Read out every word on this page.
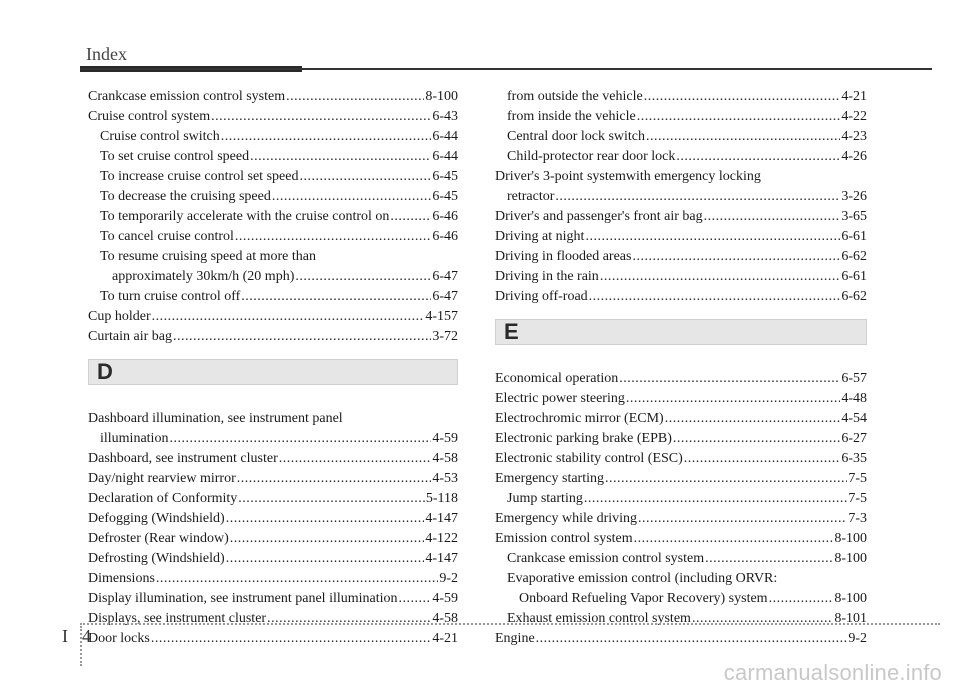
Index
Crankcase emission control system .....	8-100
Cruise control system .....	6-43
Cruise control switch .....	6-44
To set cruise control speed .....	6-44
To increase cruise control set speed .....	6-45
To decrease the cruising speed .....	6-45
To temporarily accelerate with the cruise control on .....	6-46
To cancel cruise control .....	6-46
To resume cruising speed at more than
approximately 30km/h (20 mph) .....	6-47
To turn cruise control off .....	6-47
Cup holder .....	4-157
Curtain air bag .....	3-72
D
Dashboard illumination, see instrument panel
illumination .....	4-59
Dashboard, see instrument cluster .....	4-58
Day/night rearview mirror .....	4-53
Declaration of Conformity .....	5-118
Defogging (Windshield) .....	4-147
Defroster (Rear window) .....	4-122
Defrosting (Windshield) .....	4-147
Dimensions .....	9-2
Display illumination, see instrument panel illumination ..... 4-59
Displays, see instrument cluster .....	4-58
Door locks .....	4-21
from outside the vehicle .....	4-21
from inside the vehicle .....	4-22
Central door lock switch .....	4-23
Child-protector rear door lock .....	4-26
Driver's 3-point systemwith emergency locking
retractor .....	3-26
Driver's and passenger's front air bag .....	3-65
Driving at night .....	6-61
Driving in flooded areas .....	6-62
Driving in the rain .....	6-61
Driving off-road .....	6-62
E
Economical operation .....	6-57
Electric power steering .....	4-48
Electrochromic mirror (ECM) .....	4-54
Electronic parking brake (EPB) .....	6-27
Electronic stability control (ESC) .....	6-35
Emergency starting .....	7-5
Jump starting .....	7-5
Emergency while driving .....	7-3
Emission control system .....	8-100
Crankcase emission control system .....	8-100
Evaporative emission control (including ORVR:
Onboard Refueling Vapor Recovery) system .....	8-100
Exhaust emission control system .....	8-101
Engine .....	9-2
I 4
carmanualsonline.info
